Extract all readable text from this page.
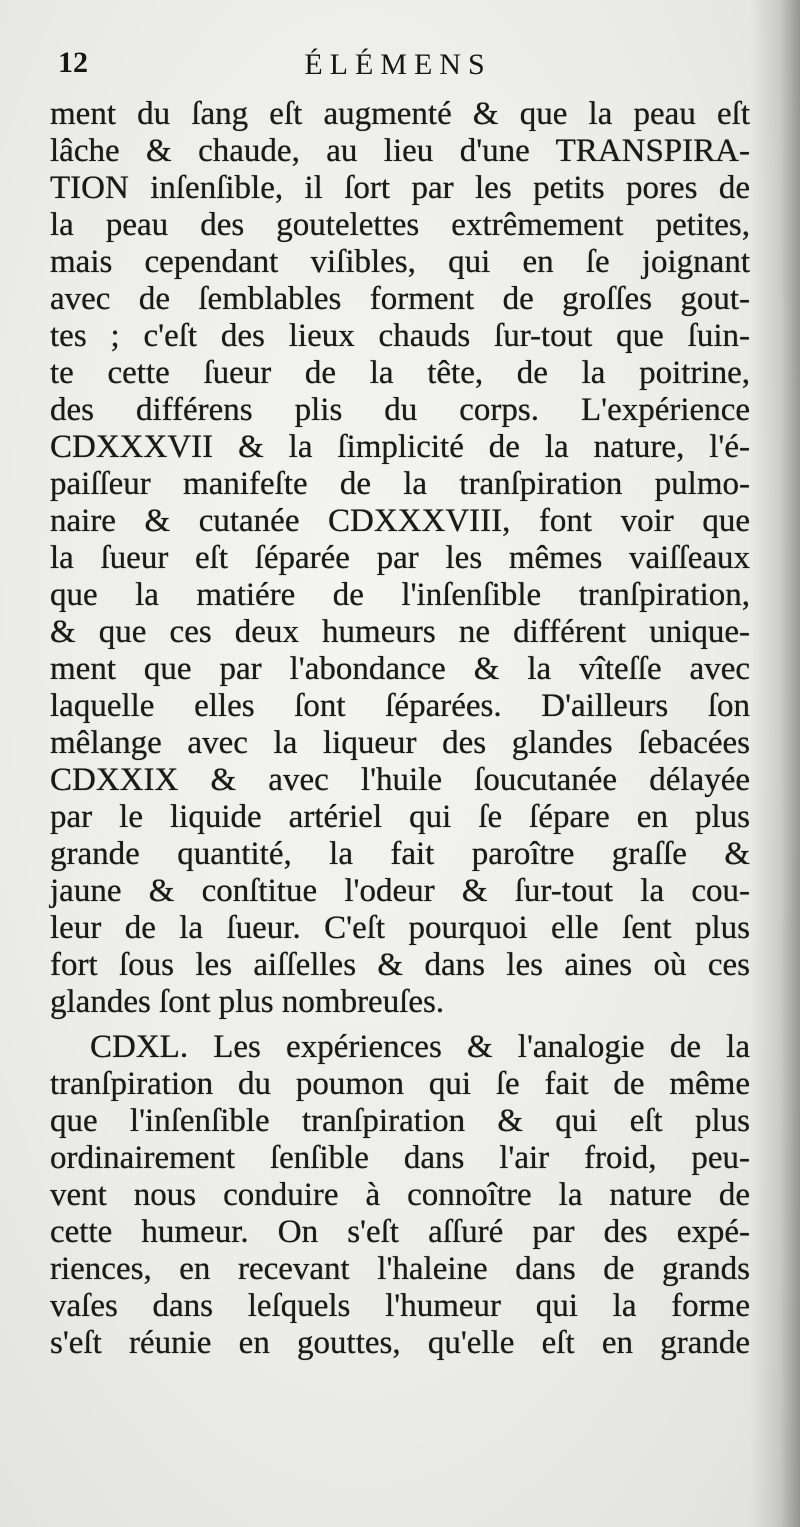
12	ÉLÉMENS
ment du ſang eſt augmenté & que la peau eſt
lâche & chaude, au lieu d'une TRANSPIRA-
TION inſenſible, il ſort par les petits pores de
la peau des goutelettes extrêmement petites,
mais cependant viſibles, qui en ſe joignant
avec de ſemblables forment de groſſes gout-
tes ; c'eſt des lieux chauds ſur-tout que ſuin-
te cette ſueur de la tête, de la poitrine,
des différens plis du corps. L'expérience
CDXXXVII & la ſimplicité de la nature, l'é-
paiſſeur manifeſte de la tranſpiration pulmo-
naire & cutanée CDXXXVIII, font voir que
la ſueur eſt ſéparée par les mêmes vaiſſeaux
que la matiére de l'inſenſible tranſpiration,
& que ces deux humeurs ne différent unique-
ment que par l'abondance & la vîteſſe avec
laquelle elles ſont ſéparées. D'ailleurs ſon
mêlange avec la liqueur des glandes ſebacées
CDXXIX & avec l'huile ſoucutanée délayée
par le liquide artériel qui ſe ſépare en plus
grande quantité, la fait paroître graſſe &
jaune & conſtitue l'odeur & ſur-tout la cou-
leur de la ſueur. C'eſt pourquoi elle ſent plus
fort ſous les aiſſelles & dans les aines où ces
glandes ſont plus nombreuſes.
CDXL. Les expériences & l'analogie de la
tranſpiration du poumon qui ſe fait de même
que l'inſenſible tranſpiration & qui eſt plus
ordinairement ſenſible dans l'air froid, peu-
vent nous conduire à connoître la nature de
cette humeur. On s'eſt aſſuré par des expé-
riences, en recevant l'haleine dans de grands
vaſes dans leſquels l'humeur qui la forme
s'eſt réunie en gouttes, qu'elle eſt en grande
